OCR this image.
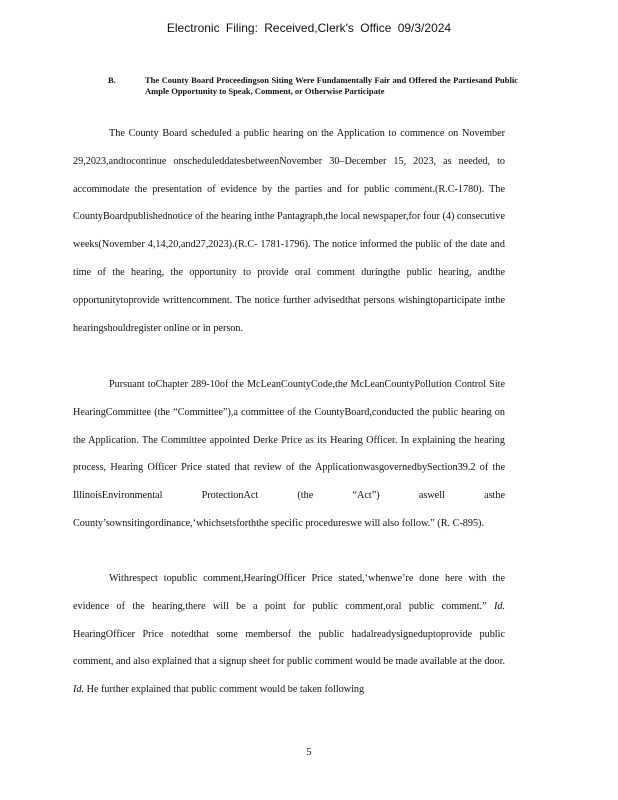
Electronic Filing: Received,Clerk's Office 09/3/2024
B.	The County Board Proceedingson Siting Were Fundamentally Fair and Offered the Partiesand Public Ample Opportunity to Speak, Comment, or Otherwise Participate

The County Board scheduled a public hearing on the Application to commence on November 29,2023,andtocontinue onscheduleddatesbetweenNovember 30–December 15, 2023, as needed, to accommodate the presentation of evidence by the parties and for public comment.(R.C-1780). The CountyBoardpublishednotice of the hearing inthe Pantagraph,the local newspaper,for four (4) consecutive weeks(November 4,14,20,and27,2023).(R.C- 1781-1796). The notice informed the public of the date and time of the hearing, the opportunity to provide oral comment duringthe public hearing, andthe opportunitytoprovide writtencomment. The notice further advisedthat persons wishingtoparticipate inthe hearingshouldregister online or in person.

Pursuant toChapter 289-10of the McLeanCountyCode,the McLeanCountyPollution Control Site HearingCommittee (the “Committee”),a committee of the CountyBoard,conducted the public hearing on the Application. The Committee appointed Derke Price as its Hearing Officer. In explaining the hearing process, Hearing Officer Price stated that review of the ApplicationwasgovernedbySection39.2 of the IllinoisEnvironmental ProtectionAct (the “Act”) aswell asthe County’sownsitingordinance,‘whichsetsforththe specific procedureswe will also follow.” (R. C-895).

Withrespect topublic comment,HearingOfficer Price stated,‘whenwe’re done here with the evidence of the hearing,there will be a point for public comment,oral public comment.” Id. HearingOfficer Price notedthat some membersof the public hadalreadysigneduptoprovide public comment, and also explained that a signup sheet for public comment would be made available at the door. Id. He further explained that public comment would be taken following

5
